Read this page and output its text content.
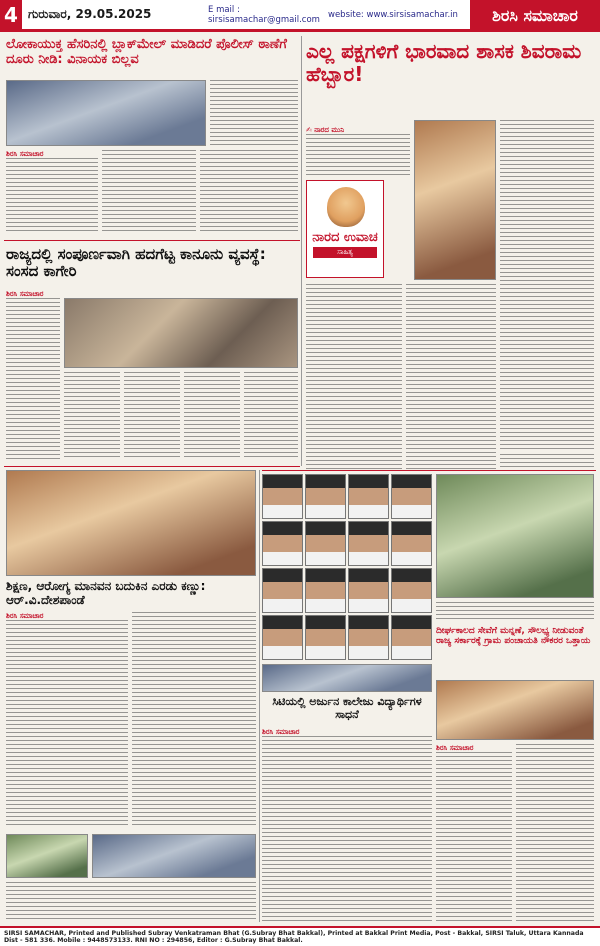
4 ಗುರುವಾರ, 29.05.2025	E mail : sirsisamachar@gmail.com website: www.sirsisamachar.in	ಶಿರಸಿ ಸಮಾಚಾರ
ಲೋಕಾಯುಕ್ತ ಹೆಸರಿನಲ್ಲಿ ಬ್ಲಾಕ್‌ಮೇಲ್ ಮಾಡಿದರೆ ಪೊಲೀಸ್ ಠಾಣೆಗೆ ದೂರು ನೀಡಿ: ವಿನಾಯಕ ಬಿಲ್ಲವ
ಶಿರಸಿ ಸಮಾಚಾರ
ರಾಜ್ಯದಲ್ಲಿ ಸಂಪೂರ್ಣವಾಗಿ ಹದಗೆಟ್ಟ ಕಾನೂನು ವ್ಯವಸ್ಥೆ: ಸಂಸದ ಕಾಗೇರಿ
ಶಿರಸಿ ಸಮಾಚಾರ
ಶಿಕ್ಷಣ, ಆರೋಗ್ಯ ಮಾನವನ ಬದುಕಿನ ಎರಡು ಕಣ್ಣು: ಆರ್.ವಿ.ದೇಶಪಾಂಡೆ
ಶಿರಸಿ ಸಮಾಚಾರ
ಎಲ್ಲ ಪಕ್ಷಗಳಿಗೆ ಭಾರವಾದ ಶಾಸಕ ಶಿವರಾಮ ಹೆಬ್ಬಾರ!
✍ ನಾರದ ಮುನಿ
ನಾರದ ಉವಾಚ
ಸಾಹಿತ್ಯ
ದೀರ್ಘಕಾಲದ ಸೇವೆಗೆ ಮನ್ನಣೆ, ಸೌಲಭ್ಯ ನೀಡುವಂತೆ ರಾಜ್ಯ ಸರ್ಕಾರಕ್ಕೆ ಗ್ರಾಮ ಪಂಚಾಯತಿ ನೌಕರರ ಒತ್ತಾಯ
ಸಿಟಿಯಲ್ಲಿ ಅರ್ಜುನ ಕಾಲೇಜು ವಿದ್ಯಾರ್ಥಿಗಳ ಸಾಧನೆ
ಶಿರಸಿ ಸಮಾಚಾರ
ಶಿರಸಿ ಸಮಾಚಾರ
SIRSI SAMACHAR, Printed and Published Subray Venkatraman Bhat (G.Subray Bhat Bakkal), Printed at Bakkal Print Media, Post - Bakkal, SIRSI Taluk, Uttara Kannada Dist - 581 336. Mobile : 9448573133. RNI NO : 294856, Editor : G.Subray Bhat Bakkal.
